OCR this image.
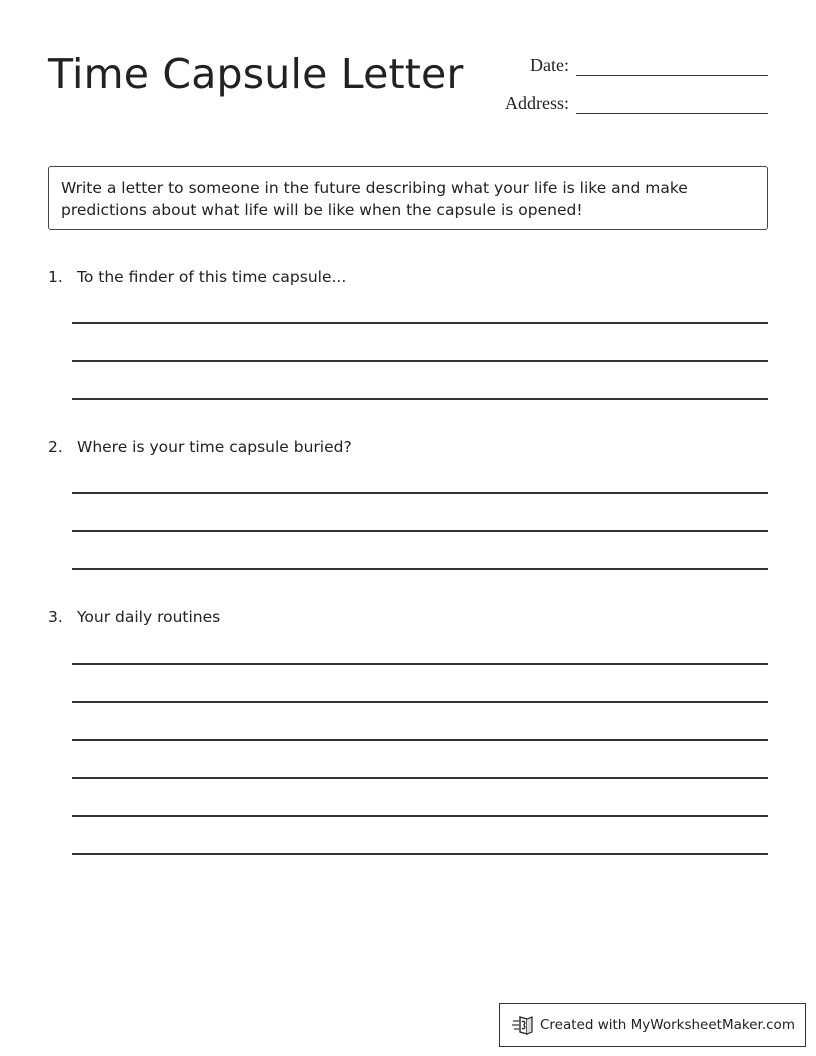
Time Capsule Letter	Date:
Address:
Write a letter to someone in the future describing what your life is like and make predictions about what life will be like when the capsule is opened!
1. To the finder of this time capsule...
2. Where is your time capsule buried?
3. Your daily routines
Created with MyWorksheetMaker.com
